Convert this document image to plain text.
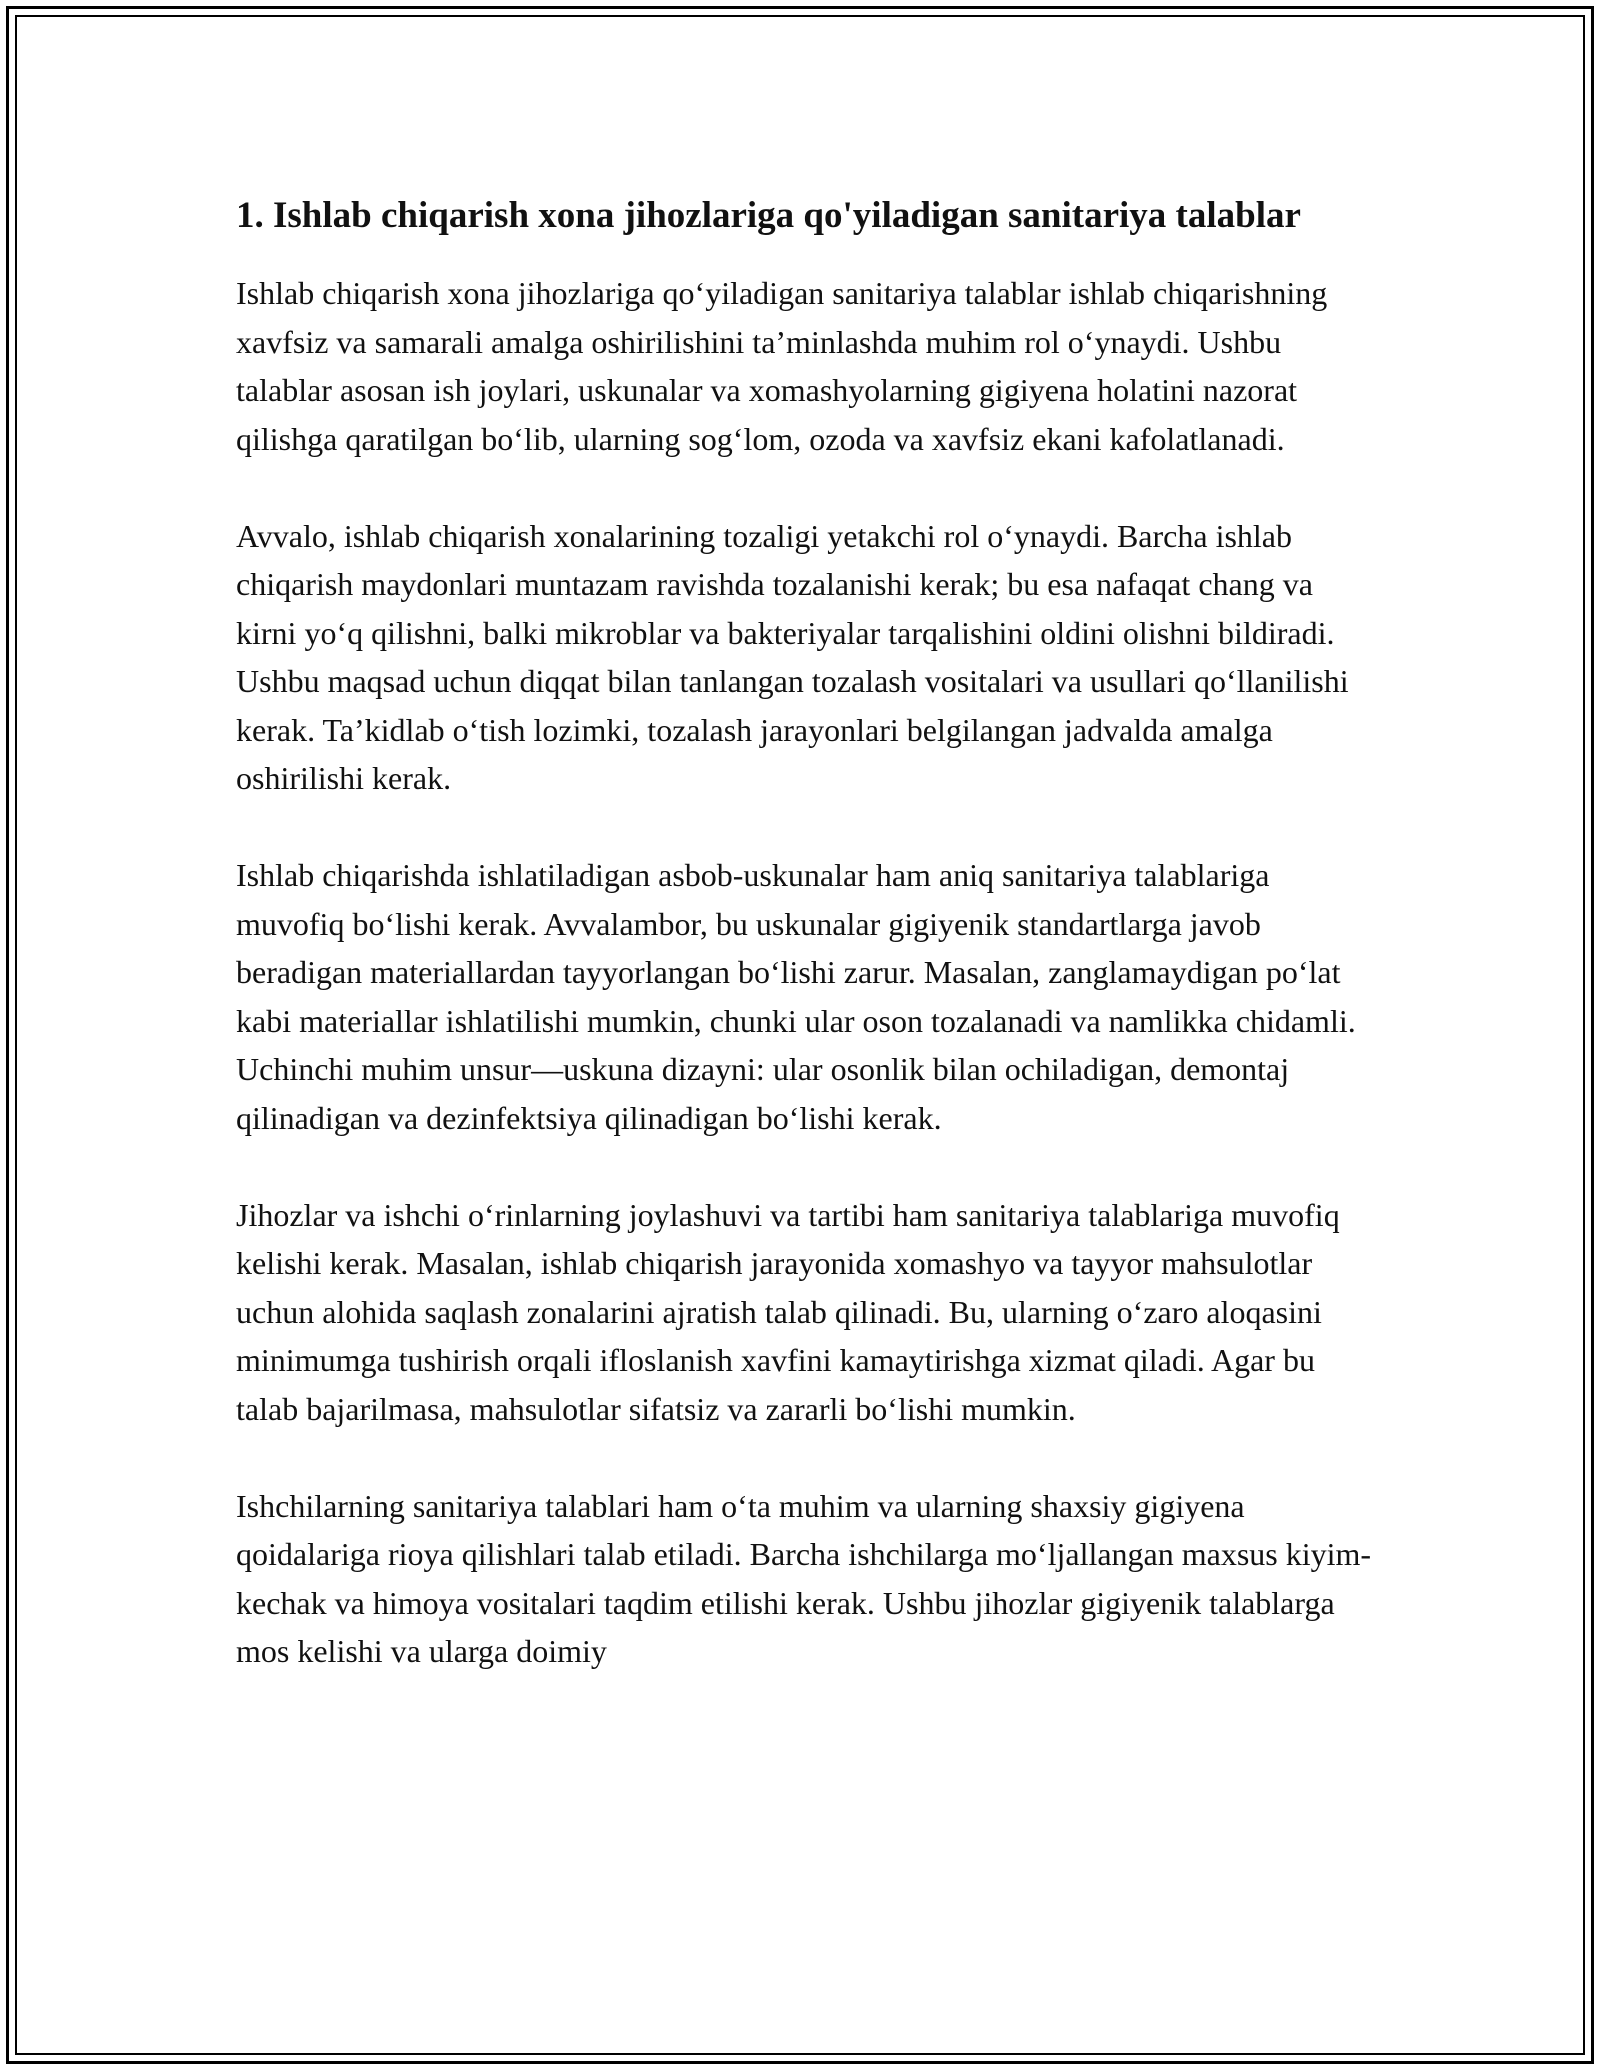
1. Ishlab chiqarish xona jihozlariga qo'yiladigan sanitariya talablar

Ishlab chiqarish xona jihozlariga qo‘yiladigan sanitariya talablar ishlab chiqarishning xavfsiz va samarali amalga oshirilishini ta’minlashda muhim rol o‘ynaydi. Ushbu talablar asosan ish joylari, uskunalar va xomashyolarning gigiyena holatini nazorat qilishga qaratilgan bo‘lib, ularning sog‘lom, ozoda va xavfsiz ekani kafolatlanadi.

Avvalo, ishlab chiqarish xonalarining tozaligi yetakchi rol o‘ynaydi. Barcha ishlab chiqarish maydonlari muntazam ravishda tozalanishi kerak; bu esa nafaqat chang va kirni yo‘q qilishni, balki mikroblar va bakteriyalar tarqalishini oldini olishni bildiradi. Ushbu maqsad uchun diqqat bilan tanlangan tozalash vositalari va usullari qo‘llanilishi kerak. Ta’kidlab o‘tish lozimki, tozalash jarayonlari belgilangan jadvalda amalga oshirilishi kerak.

Ishlab chiqarishda ishlatiladigan asbob-uskunalar ham aniq sanitariya talablariga muvofiq bo‘lishi kerak. Avvalambor, bu uskunalar gigiyenik standartlarga javob beradigan materiallardan tayyorlangan bo‘lishi zarur. Masalan, zanglamaydigan po‘lat kabi materiallar ishlatilishi mumkin, chunki ular oson tozalanadi va namlikka chidamli. Uchinchi muhim unsur—uskuna dizayni: ular osonlik bilan ochiladigan, demontaj qilinadigan va dezinfektsiya qilinadigan bo‘lishi kerak.

Jihozlar va ishchi o‘rinlarning joylashuvi va tartibi ham sanitariya talablariga muvofiq kelishi kerak. Masalan, ishlab chiqarish jarayonida xomashyo va tayyor mahsulotlar uchun alohida saqlash zonalarini ajratish talab qilinadi. Bu, ularning o‘zaro aloqasini minimumga tushirish orqali ifloslanish xavfini kamaytirishga xizmat qiladi. Agar bu talab bajarilmasa, mahsulotlar sifatsiz va zararli bo‘lishi mumkin.

Ishchilarning sanitariya talablari ham o‘ta muhim va ularning shaxsiy gigiyena qoidalariga rioya qilishlari talab etiladi. Barcha ishchilarga mo‘ljallangan maxsus kiyim-kechak va himoya vositalari taqdim etilishi kerak. Ushbu jihozlar gigiyenik talablarga mos kelishi va ularga doimiy
